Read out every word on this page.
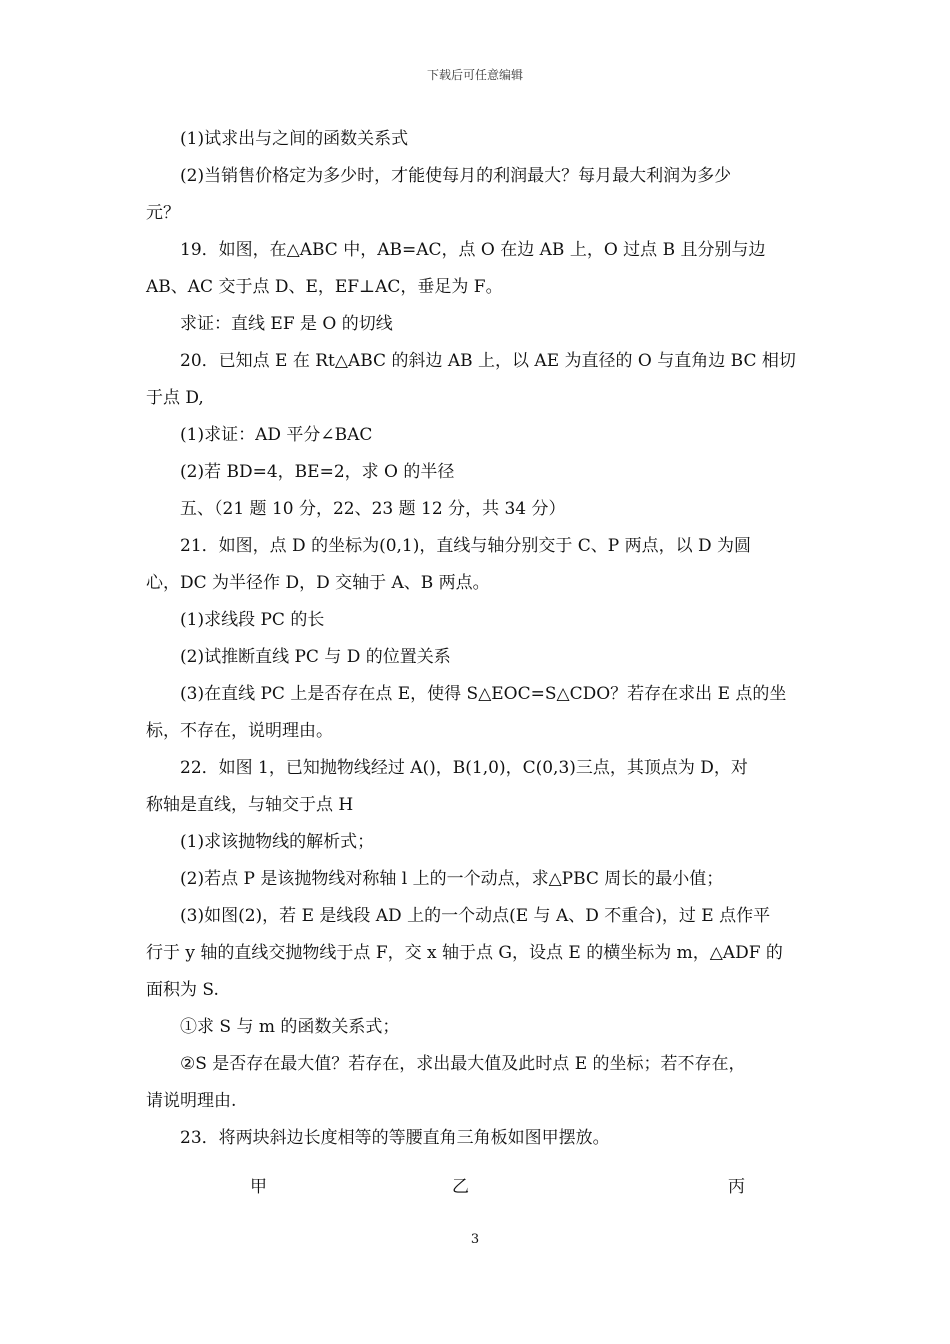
下载后可任意编辑
(1)试求出与之间的函数关系式
(2)当销售价格定为多少时，才能使每月的利润最大？每月最大利润为多少
元？
19．如图，在△ABC 中，AB=AC，点 O 在边 AB 上，O 过点 B 且分别与边
AB、AC 交于点 D、E，EF⊥AC，垂足为 F。
求证：直线 EF 是 O 的切线
20．已知点 E 在 Rt△ABC 的斜边 AB 上，以 AE 为直径的 O 与直角边 BC 相切
于点 D,
(1)求证：AD 平分∠BAC
(2)若 BD=4，BE=2，求 O 的半径
五、（21 题 10 分，22、23 题 12 分，共 34 分）
21．如图，点 D 的坐标为(0,1)，直线与轴分别交于 C、P 两点，以 D 为圆
心，DC 为半径作 D，D 交轴于 A、B 两点。
(1)求线段 PC 的长
(2)试推断直线 PC 与 D 的位置关系
(3)在直线 PC 上是否存在点 E，使得 S△EOC=S△CDO？若存在求出 E 点的坐
标，不存在，说明理由。
22．如图 1，已知抛物线经过 A()，B(1,0)，C(0,3)三点，其顶点为 D，对
称轴是直线，与轴交于点 H
(1)求该抛物线的解析式；
(2)若点 P 是该抛物线对称轴 l 上的一个动点，求△PBC 周长的最小值；
(3)如图(2)，若 E 是线段 AD 上的一个动点(E 与 A、D 不重合)，过 E 点作平
行于 y 轴的直线交抛物线于点 F，交 x 轴于点 G，设点 E 的横坐标为 m，△ADF 的
面积为 S.
①求 S 与 m 的函数关系式；
②S 是否存在最大值？若存在，求出最大值及此时点 E 的坐标；若不存在，
请说明理由.
23．将两块斜边长度相等的等腰直角三角板如图甲摆放。
甲	乙	丙
3
